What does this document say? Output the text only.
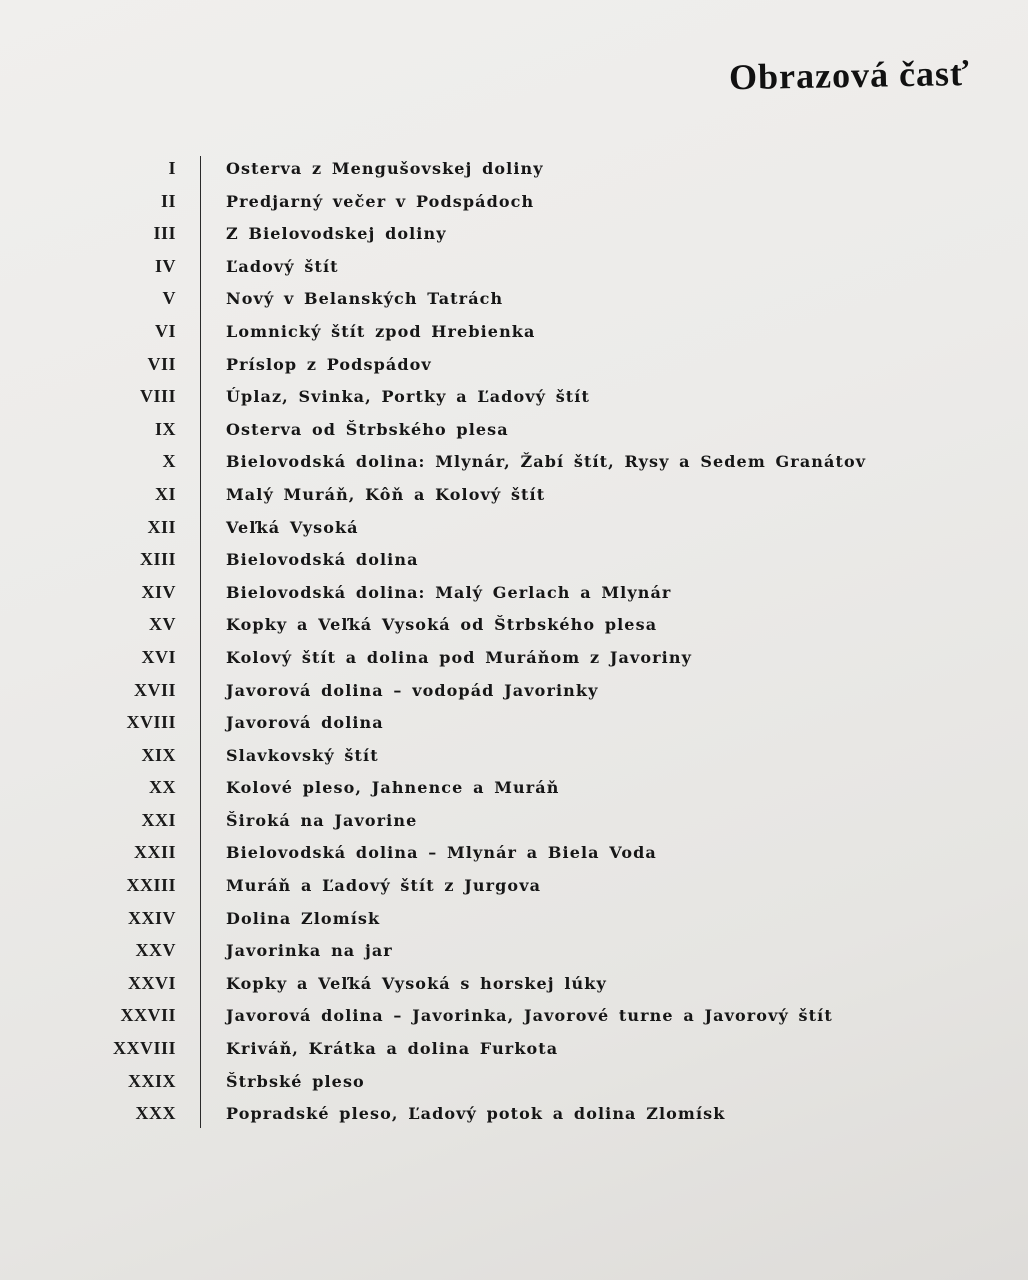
Obrazová časť
I	Osterva z Mengušovskej doliny
II	Predjarný večer v Podspádoch
III	Z Bielovodskej doliny
IV	Ľadový štít
V	Nový v Belanských Tatrách
VI	Lomnický štít zpod Hrebienka
VII	Príslop z Podspádov
VIII	Úplaz, Svinka, Portky a Ľadový štít
IX	Osterva od Štrbského plesa
X	Bielovodská dolina: Mlynár, Žabí štít, Rysy a Sedem Granátov
XI	Malý Muráň, Kôň a Kolový štít
XII	Veľká Vysoká
XIII	Bielovodská dolina
XIV	Bielovodská dolina: Malý Gerlach a Mlynár
XV	Kopky a Veľká Vysoká od Štrbského plesa
XVI	Kolový štít a dolina pod Muráňom z Javoriny
XVII	Javorová dolina – vodopád Javorinky
XVIII	Javorová dolina
XIX	Slavkovský štít
XX	Kolové pleso, Jahnence a Muráň
XXI	Široká na Javorine
XXII	Bielovodská dolina – Mlynár a Biela Voda
XXIII	Muráň a Ľadový štít z Jurgova
XXIV	Dolina Zlomísk
XXV	Javorinka na jar
XXVI	Kopky a Veľká Vysoká s horskej lúky
XXVII	Javorová dolina – Javorinka, Javorové turne a Javorový štít
XXVIII	Kriváň, Krátka a dolina Furkota
XXIX	Štrbské pleso
XXX	Popradské pleso, Ľadový potok a dolina Zlomísk
